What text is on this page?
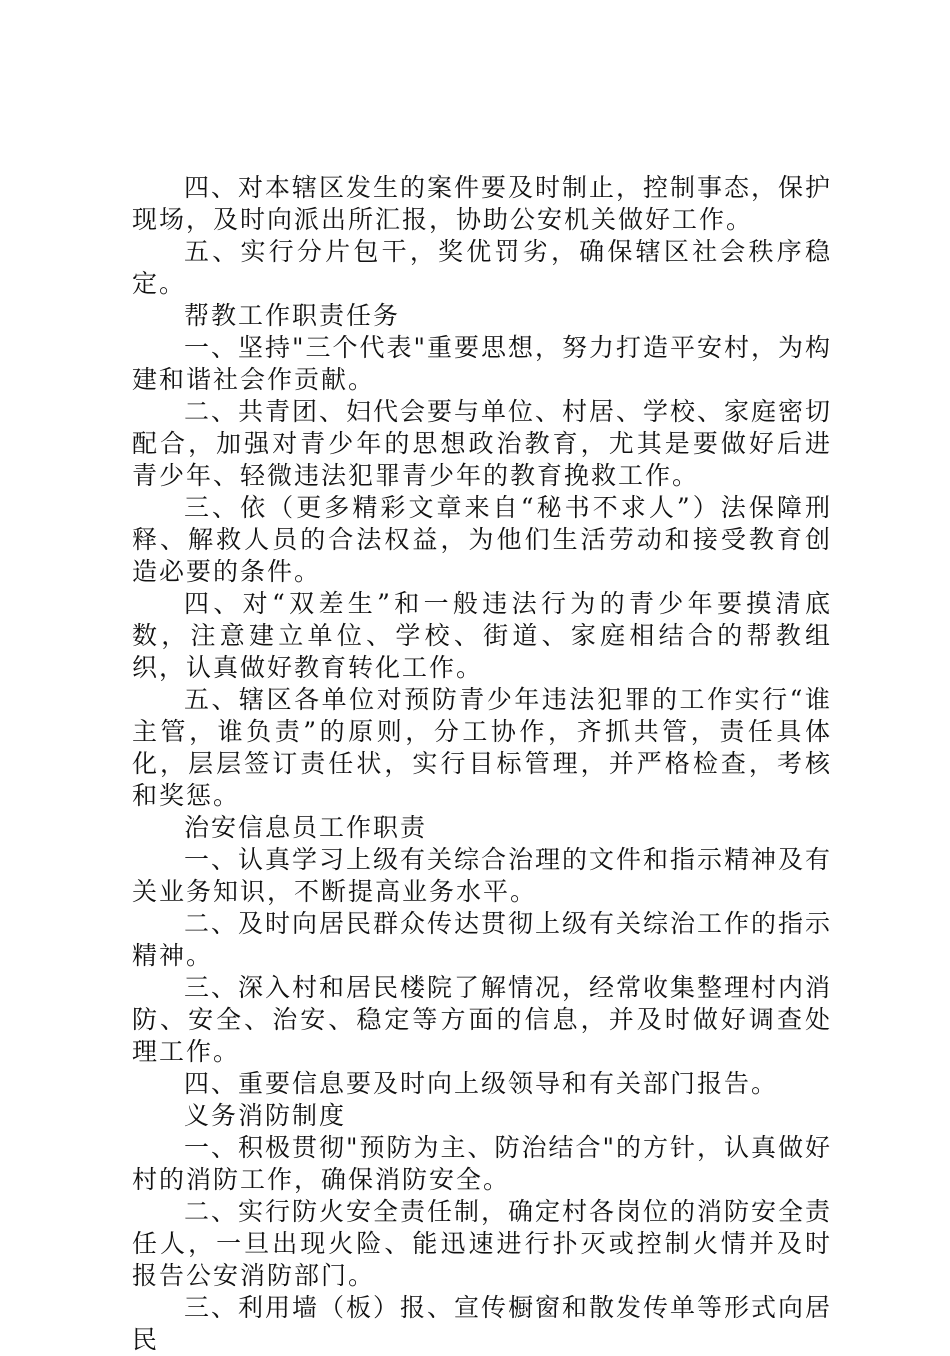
四、对本辖区发生的案件要及时制止，控制事态，保护现场，及时向派出所汇报，协助公安机关做好工作。

五、实行分片包干，奖优罚劣，确保辖区社会秩序稳定。

帮教工作职责任务

一、坚持"三个代表"重要思想，努力打造平安村，为构建和谐社会作贡献。

二、共青团、妇代会要与单位、村居、学校、家庭密切配合，加强对青少年的思想政治教育，尤其是要做好后进青少年、轻微违法犯罪青少年的教育挽救工作。

三、依（更多精彩文章来自“秘书不求人”）法保障刑释、解救人员的合法权益，为他们生活劳动和接受教育创造必要的条件。

四、对“双差生”和一般违法行为的青少年要摸清底数，注意建立单位、学校、街道、家庭相结合的帮教组织，认真做好教育转化工作。

五、辖区各单位对预防青少年违法犯罪的工作实行“谁主管，谁负责”的原则，分工协作，齐抓共管，责任具体化，层层签订责任状，实行目标管理，并严格检查，考核和奖惩。

治安信息员工作职责

一、认真学习上级有关综合治理的文件和指示精神及有关业务知识，不断提高业务水平。

二、及时向居民群众传达贯彻上级有关综治工作的指示精神。

三、深入村和居民楼院了解情况，经常收集整理村内消防、安全、治安、稳定等方面的信息，并及时做好调查处理工作。

四、重要信息要及时向上级领导和有关部门报告。

义务消防制度

一、积极贯彻"预防为主、防治结合"的方针，认真做好村的消防工作，确保消防安全。

二、实行防火安全责任制，确定村各岗位的消防安全责任人，一旦出现火险、能迅速进行扑灭或控制火情并及时报告公安消防部门。

三、利用墙（板）报、宣传橱窗和散发传单等形式向居民
